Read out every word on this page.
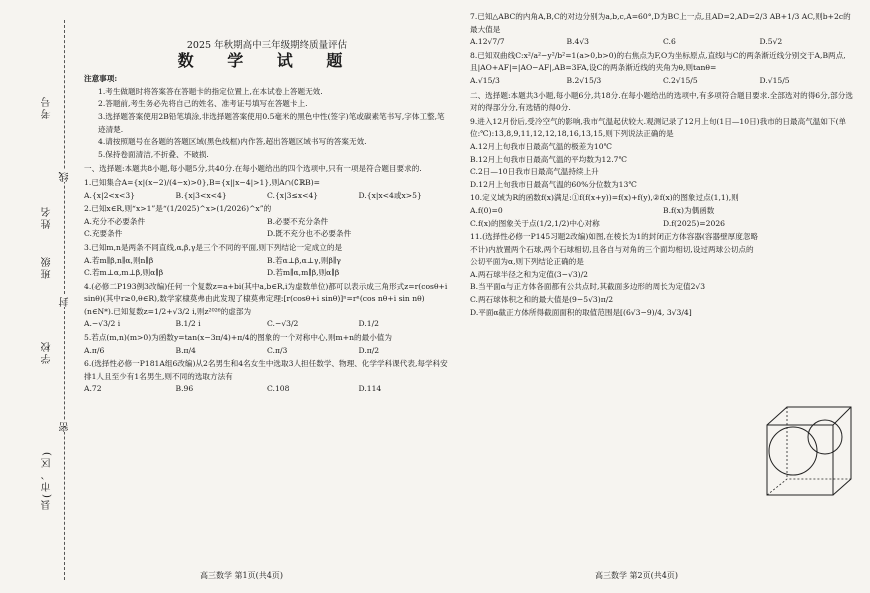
考号
姓名
班级
学校
县(市、区)
线
封
密
2025 年秋期高中三年级期终质量评估
数 学 试 题
注意事项:
1.考生做题时将答案答在答题卡的指定位置上,在本试卷上答题无效.
2.答题前,考生务必先将自己的姓名、准考证号填写在答题卡上.
3.选择题答案使用2B铅笔填涂,非选择题答案使用0.5毫米的黑色中性(签字)笔或碳素笔书写,字体工整,笔迹清楚.
4.请按照题号在各题的答题区域(黑色线框)内作答,超出答题区域书写的答案无效.
5.保持卷面清洁,不折叠、不破损.
一、选择题:本题共8小题,每小题5分,共40分.在每小题给出的四个选项中,只有一项是符合题目要求的.
1.已知集合A={x|(x−2)/(4−x)>0},B={x||x−4|>1},则A∩(∁ℝB)=
A.{x|2<x<3}	B.{x|3<x<4}	C.{x|3≤x<4}	D.{x|x<4或x>5}
2.已知x∈R,则“x>1”是“(1/2025)^x>(1/2026)^x”的
A.充分不必要条件	B.必要不充分条件
C.充要条件	D.既不充分也不必要条件
3.已知m,n是两条不同直线,α,β,γ是三个不同的平面,则下列结论一定成立的是
A.若m∥β,n∥α,则n∥β	B.若α⊥β,α⊥γ,则β∥γ
C.若m⊥α,m⊥β,则α∥β	D.若m∥α,m∥β,则α∥β
4.(必修二P193例3改编)任何一个复数z=a+bi(其中a,b∈R,i为虚数单位)都可以表示成三角形式z=r(cosθ+i sinθ)(其中r≥0,θ∈R),数学家棣莫弗由此发现了棣莫弗定理:[r(cosθ+i sinθ)]ⁿ=rⁿ(cos nθ+i sin nθ)(n∈N*).已知复数z=1/2+√3/2 i,则z²⁰²⁶的虚部为
A.−√3/2 i	B.1/2 i	C.−√3/2	D.1/2
5.若点(m,n)(m>0)为函数y=tan(x−3π/4)+π/4的图象的一个对称中心,则m+n的最小值为
A.π/6	B.π/4	C.π/3	D.π/2
6.(选择性必修一P181A组6改编)从2名男生和4名女生中选取3人担任数学、物理、化学学科课代表,每学科安排1人且至少有1名男生,则不同的选取方法有
A.72	B.96	C.108	D.114
7.已知△ABC的内角A,B,C的对边分别为a,b,c,A=60°,D为BC上一点,且AD=2,AD=2/3 AB+1/3 AC,则b+2c的最大值是
A.12√7/7	B.4√3	C.6	D.5√2
8.已知双曲线C:x²/a²−y²/b²=1(a>0,b>0)的右焦点为F,O为坐标原点,直线l与C的两条渐近线分别交于A,B两点,且|AO+AF|=|AO−AF|,AB=3FA,设C的两条渐近线的夹角为θ,则tanθ=
A.√15/3	B.2√15/3	C.2√15/5	D.√15/5
二、选择题:本题共3小题,每小题6分,共18分.在每小题给出的选项中,有多项符合题目要求.全部选对的得6分,部分选对的得部分分,有选错的得0分.
9.进入12月份后,受冷空气的影响,我市气温起伏较大.观测记录了12月上旬(1日—10日)我市的日最高气温如下(单位:℃):13,8,9,11,12,12,18,16,13,15,则下列说法正确的是
A.12月上旬我市日最高气温的极差为10℃
B.12月上旬我市日最高气温的平均数为12.7℃
C.2日—10日我市日最高气温持续上升
D.12月上旬我市日最高气温的60%分位数为13℃
10.定义域为R的函数f(x)满足:①f(f(x+y))=f(x)+f(y),②f(x)的图象过点(1,1),则
A.f(0)=0	B.f(x)为偶函数
C.f(x)的图象关于点(1/2,1/2)中心对称	D.f(2025)=2026
11.(选择性必修一P145习题2改编)如图,在棱长为1的封闭正方体容器(容器壁厚度忽略不计)内放置两个石球,两个石球相切,且各自与对角的三个面均相切,设过两球公切点的公切平面为α,则下列结论正确的是
A.两石球半径之和为定值(3−√3)/2
B.当平面α与正方体各面都有公共点时,其截面多边形的周长为定值2√3
C.两石球体积之和的最大值是(9−5√3)π/2
D.平面α截正方体所得截面面积的取值范围是[(6√3−9)/4, 3√3/4]
高三数学 第1页(共4页)	高三数学 第2页(共4页)
